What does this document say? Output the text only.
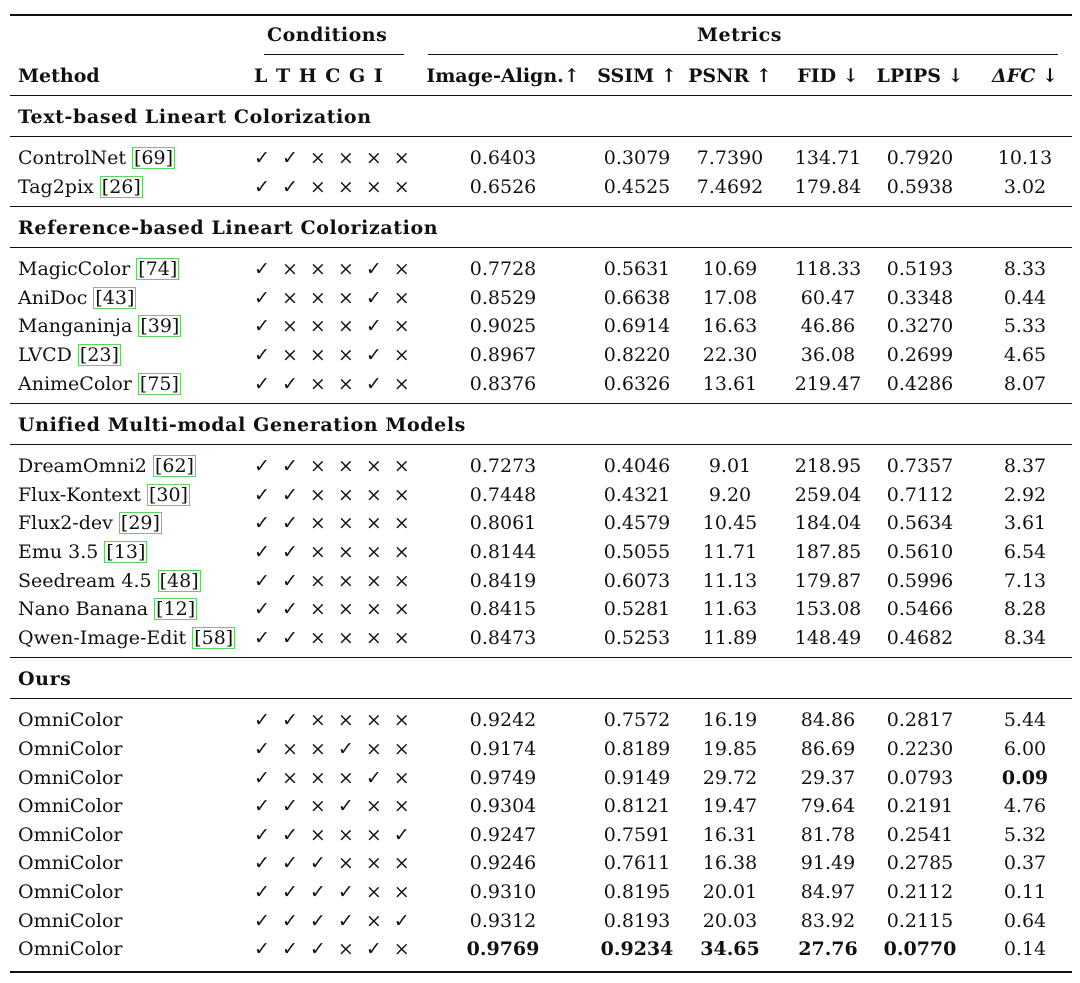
Conditions	Metrics
Method	L T H C G I Image-Align.↑ SSIM ↑ PSNR ↑ FID ↓ LPIPS ↓ ΔFC ↓
Text-based Lineart Colorization
ControlNet [69]	✓ ✓ × × × ×	0.6403	0.3079 7.7390 134.71 0.7920 10.13
Tag2pix [26]	✓ ✓ × × × ×	0.6526	0.4525 7.4692 179.84 0.5938	3.02
Reference-based Lineart Colorization
MagicColor [74]	✓ × × × ✓ ×	0.7728	0.5631 10.69 118.33 0.5193	8.33
AniDoc [43]	✓ × × × ✓ ×	0.8529	0.6638 17.08 60.47 0.3348	0.44
Manganinja [39]	✓ × × × ✓ ×	0.9025	0.6914 16.63 46.86 0.3270	5.33
LVCD [23]	✓ × × × ✓ ×	0.8967	0.8220 22.30 36.08 0.2699	4.65
AnimeColor [75]	✓ ✓ × × ✓ ×	0.8376	0.6326 13.61 219.47 0.4286	8.07
Unified Multi-modal Generation Models
DreamOmni2 [62]	✓ ✓ × × × ×	0.7273	0.4046 9.01 218.95 0.7357	8.37
Flux-Kontext [30]	✓ ✓ × × × ×	0.7448	0.4321 9.20 259.04 0.7112	2.92
Flux2-dev [29]	✓ ✓ × × × ×	0.8061	0.4579 10.45 184.04 0.5634	3.61
Emu 3.5 [13]	✓ ✓ × × × ×	0.8144	0.5055 11.71 187.85 0.5610	6.54
Seedream 4.5 [48]	✓ ✓ × × × ×	0.8419	0.6073 11.13 179.87 0.5996	7.13
Nano Banana [12]	✓ ✓ × × × ×	0.8415	0.5281 11.63 153.08 0.5466	8.28
Qwen-Image-Edit [58] ✓ ✓ × × × ×	0.8473	0.5253 11.89 148.49 0.4682	8.34
Ours
OmniColor	✓ ✓ × × × ×	0.9242	0.7572 16.19 84.86 0.2817	5.44
OmniColor	✓ × × ✓ × ×	0.9174	0.8189 19.85 86.69 0.2230	6.00
OmniColor	✓ × × × ✓ ×	0.9749	0.9149 29.72 29.37 0.0793	0.09
OmniColor	✓ ✓ × ✓ × ×	0.9304	0.8121 19.47 79.64 0.2191	4.76
OmniColor	✓ ✓ × × × ✓	0.9247	0.7591 16.31 81.78 0.2541	5.32
OmniColor	✓ ✓ ✓ × × ×	0.9246	0.7611 16.38 91.49 0.2785	0.37
OmniColor	✓ ✓ ✓ ✓ × ×	0.9310	0.8195 20.01 84.97 0.2112	0.11
OmniColor	✓ ✓ ✓ ✓ × ✓	0.9312	0.8193 20.03 83.92 0.2115	0.64
OmniColor	✓ ✓ ✓ × ✓ ×	0.9769	0.9234 34.65 27.76 0.0770 0.14
